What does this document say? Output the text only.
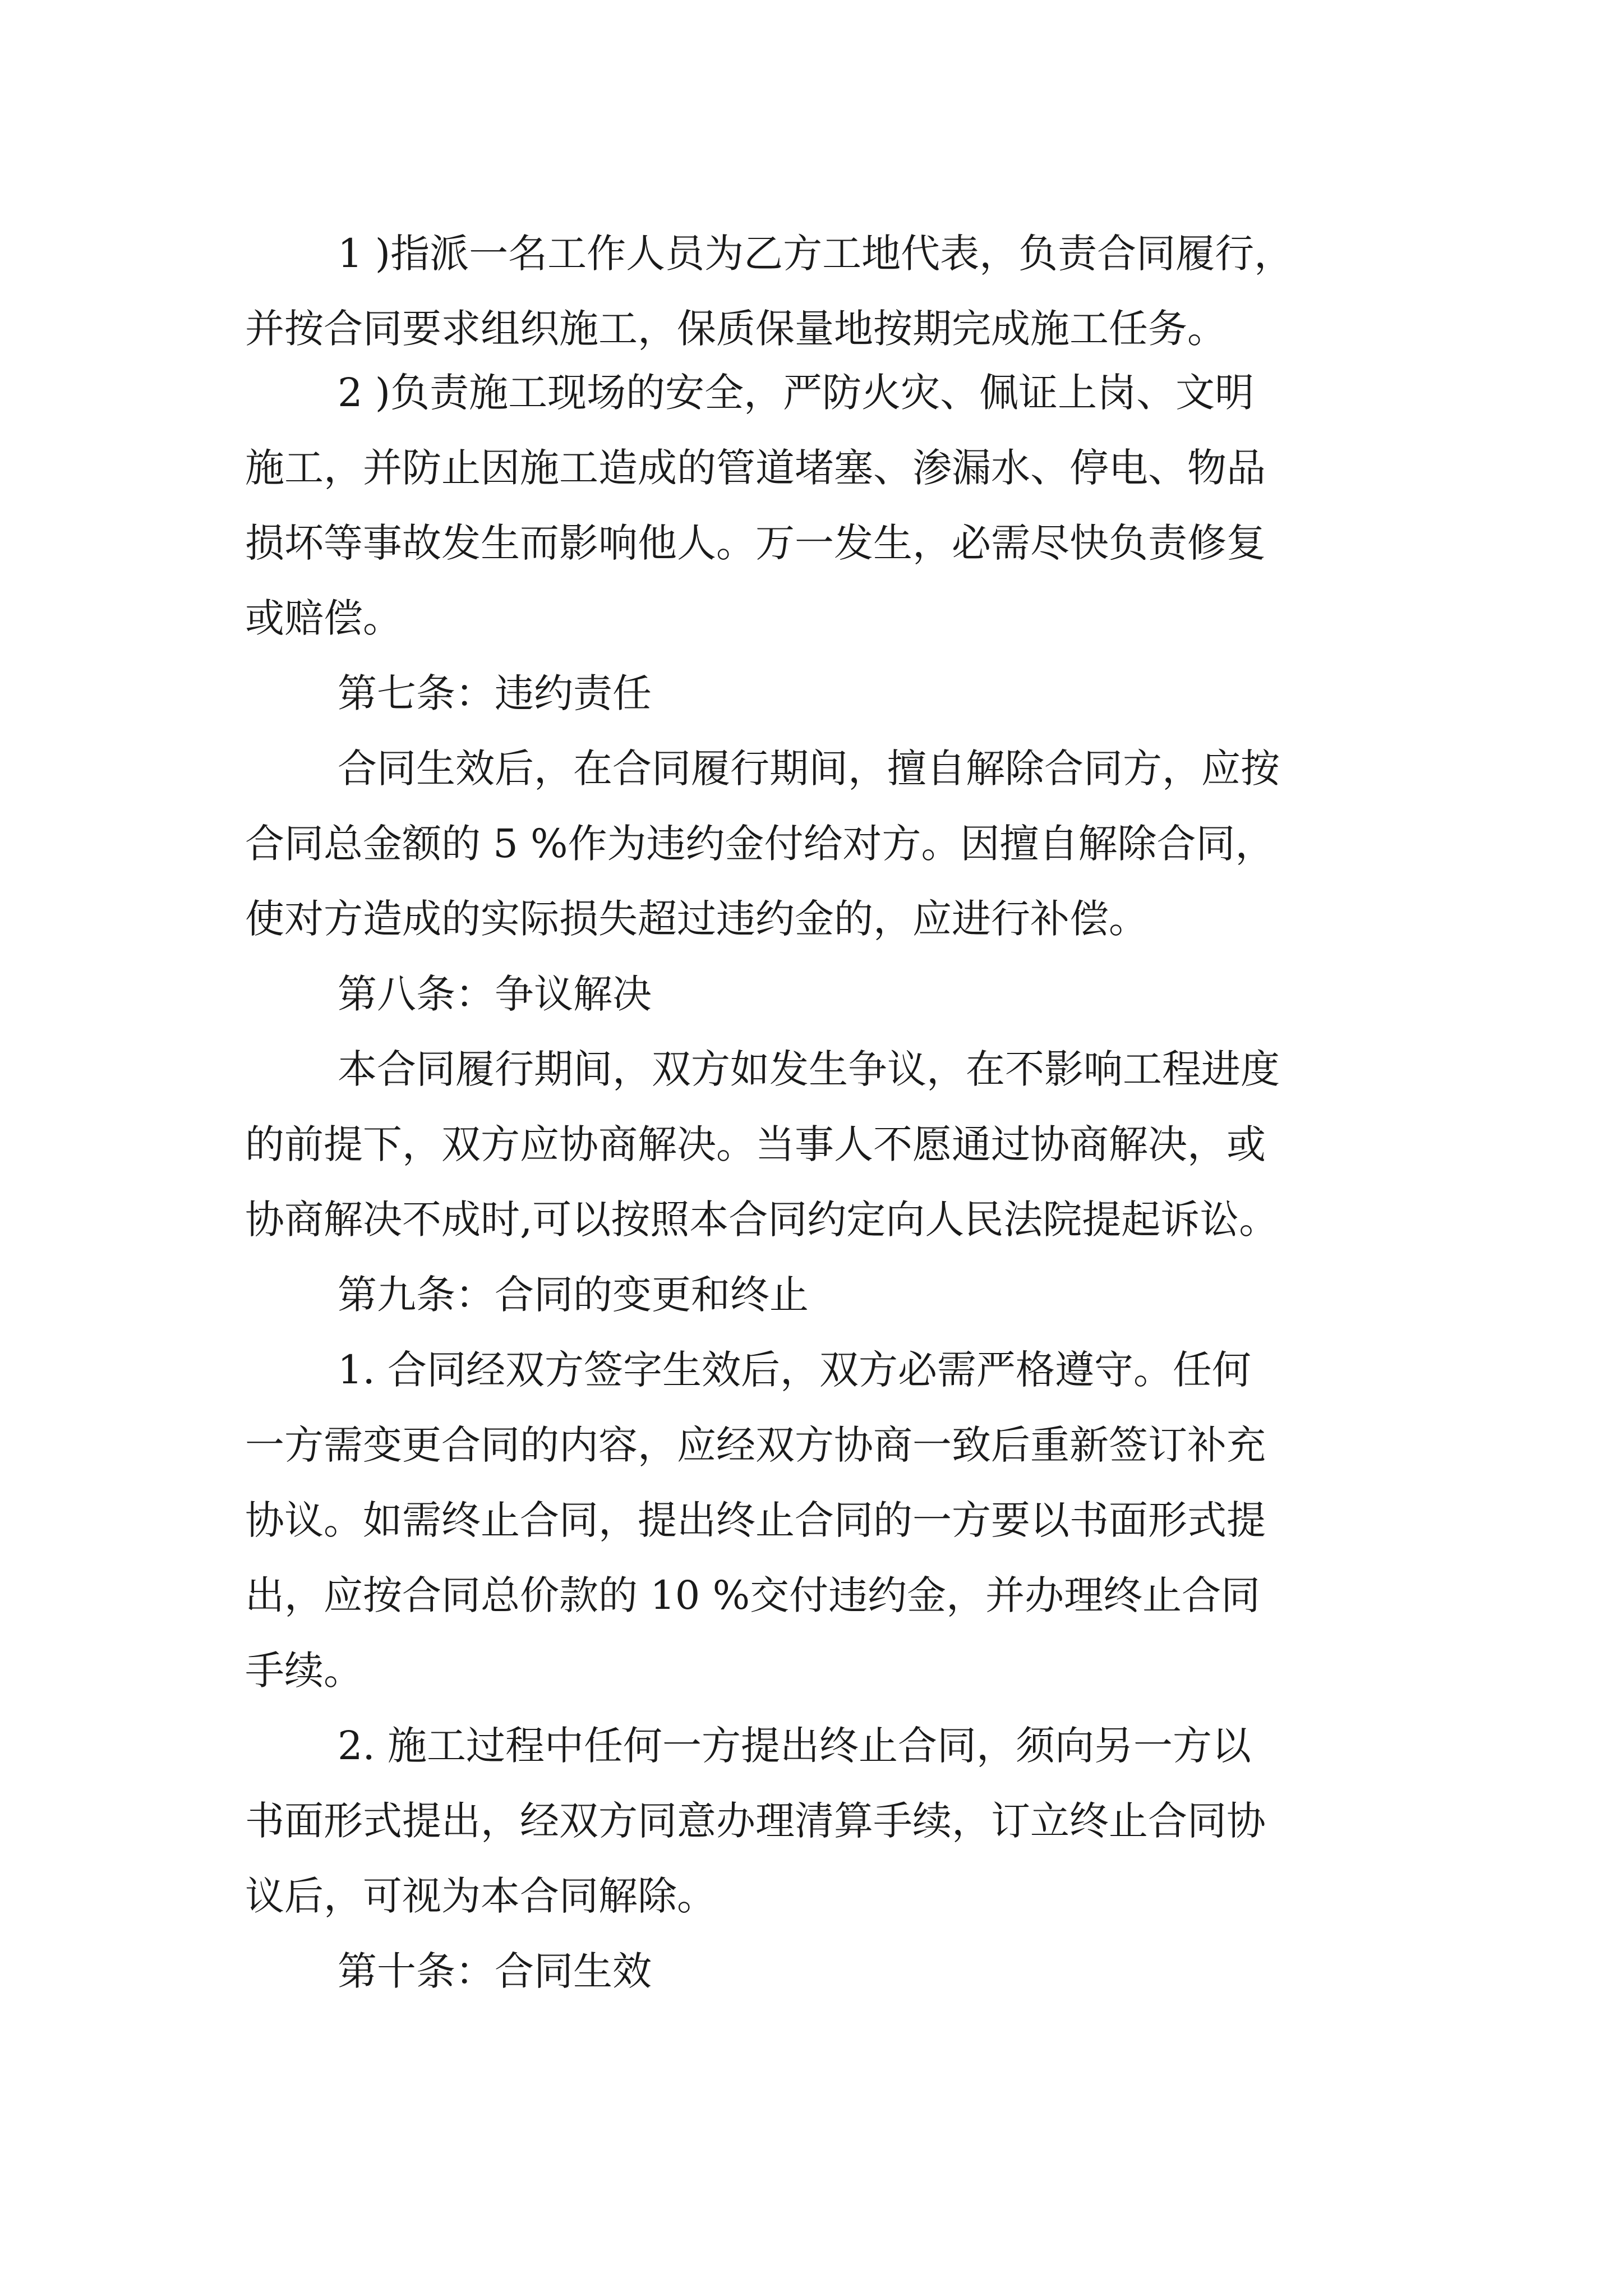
1 )指派一名工作人员为乙方工地代表，负责合同履行，
并按合同要求组织施工，保质保量地按期完成施工任务。
2 )负责施工现场的安全，严防火灾、佩证上岗、文明
施工，并防止因施工造成的管道堵塞、渗漏水、停电、物品
损坏等事故发生而影响他人。万一发生，必需尽快负责修复
或赔偿。
第七条：违约责任
合同生效后，在合同履行期间，擅自解除合同方，应按
合同总金额的 5 %作为违约金付给对方。因擅自解除合同，
使对方造成的实际损失超过违约金的，应进行补偿。
第八条：争议解决
本合同履行期间，双方如发生争议，在不影响工程进度
的前提下，双方应协商解决。当事人不愿通过协商解决，或
协商解决不成时,可以按照本合同约定向人民法院提起诉讼。
第九条：合同的变更和终止
1. 合同经双方签字生效后，双方必需严格遵守。任何
一方需变更合同的内容，应经双方协商一致后重新签订补充
协议。如需终止合同，提出终止合同的一方要以书面形式提
出，应按合同总价款的 10 %交付违约金，并办理终止合同
手续。
2. 施工过程中任何一方提出终止合同，须向另一方以
书面形式提出，经双方同意办理清算手续，订立终止合同协
议后，可视为本合同解除。
第十条：合同生效
